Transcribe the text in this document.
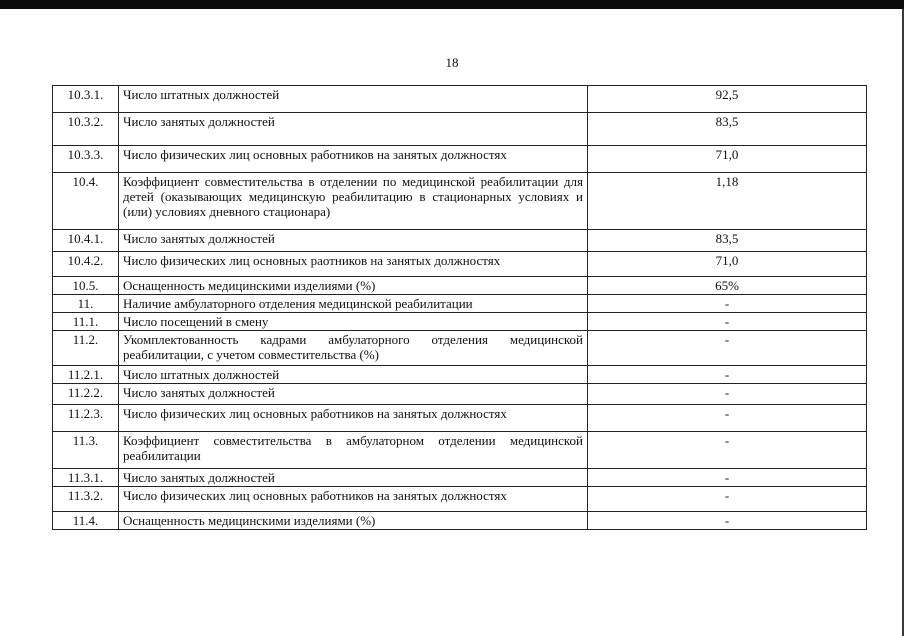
18
10.3.1.	Число штатных должностей	92,5
10.3.2.	Число занятых должностей	83,5
10.3.3.	Число физических лиц основных работников на занятых должностях	71,0
10.4.	Коэффициент совместительства в отделении по медицинской реабилитации для детей (оказывающих медицинскую реабилитацию в стационарных условиях и (или) условиях дневного стационара)	1,18
10.4.1.	Число занятых должностей	83,5
10.4.2.	Число физических лиц основных раотников на занятых должностях	71,0
10.5.	Оснащенность медицинскими изделиями (%)	65%
11.	Наличие амбулаторного отделения медицинской реабилитации	-
11.1.	Число посещений в смену	-
11.2.	Укомплектованность кадрами амбулаторного отделения медицинской реабилитации, с учетом совместительства (%)	-
11.2.1.	Число штатных должностей	-
11.2.2.	Число занятых должностей	-
11.2.3.	Число физических лиц основных работников на занятых должностях	-
11.3.	Коэффициент совместительства в амбулаторном отделении медицинской реабилитации	-
11.3.1.	Число занятых должностей	-
11.3.2.	Число физических лиц основных работников на занятых должностях	-
11.4.	Оснащенность медицинскими изделиями (%)	-
